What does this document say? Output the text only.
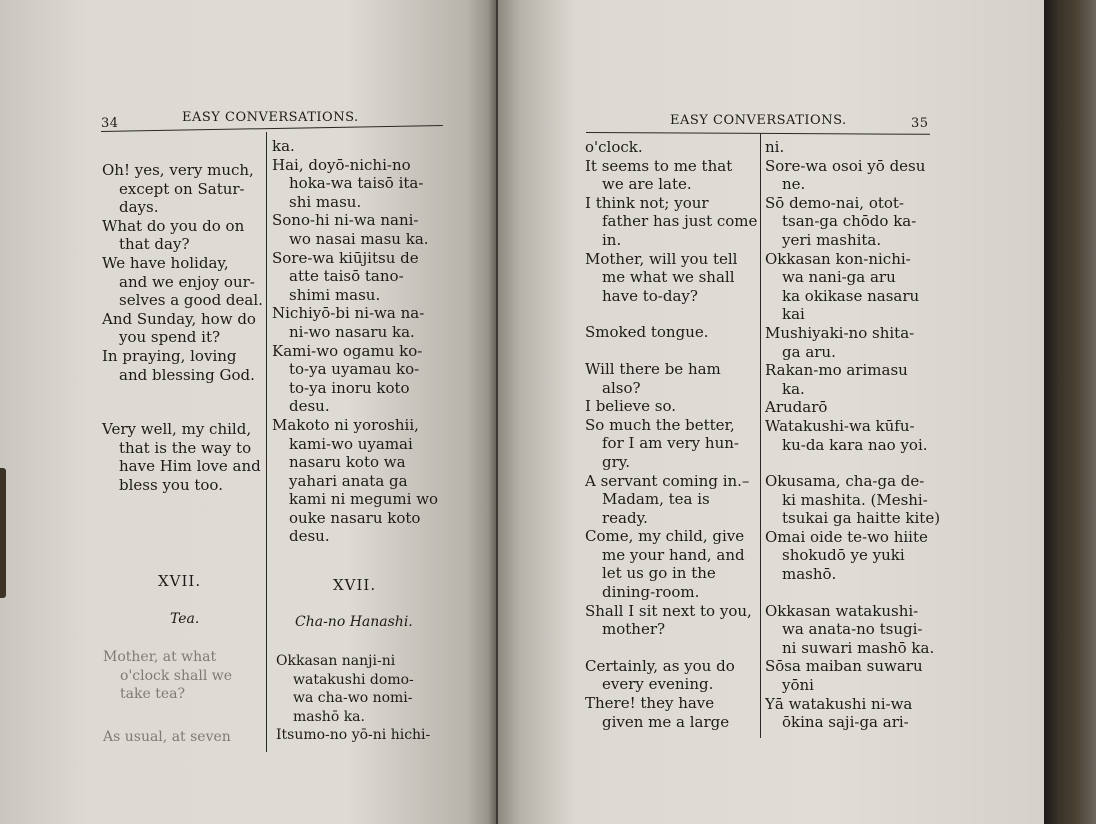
34	EASY CONVERSATIONS.
Oh! yes, very much,
except on Satur-
days.
What do you do on
that day?
We have holiday,
and we enjoy our-
selves a good deal.
And Sunday, how do
you spend it?
In praying, loving
and blessing God.
Very well, my child,
that is the way to
have Him love and
bless you too.
ka.
Hai, doyō-nichi-no
hoka-wa taisō ita-
shi masu.
Sono-hi ni-wa nani-
wo nasai masu ka.
Sore-wa kiūjitsu de
atte taisō tano-
shimi masu.
Nichiyō-bi ni-wa na-
ni-wo nasaru ka.
Kami-wo ogamu ko-
to-ya uyamau ko-
to-ya inoru koto
desu.
Makoto ni yoroshii,
kami-wo uyamai
nasaru koto wa
yahari anata ga
kami ni megumi wo
ouke nasaru koto
desu.
XVII.	XVII.
Tea.	Cha-no Hanashi.
Mother, at what
o'clock shall we
take tea?
As usual, at seven
Okkasan nanji-ni
watakushi domo-
wa cha-wo nomi-
mashō ka.
Itsumo-no yō-ni hichi-
EASY CONVERSATIONS.	35
o'clock.
It seems to me that
we are late.
I think not; your
father has just come
in.
Mother, will you tell
me what we shall
have to-day?
Smoked tongue.
Will there be ham
also?
I believe so.
So much the better,
for I am very hun-
gry.
A servant coming in.–
Madam, tea is
ready.
Come, my child, give
me your hand, and
let us go in the
dining-room.
Shall I sit next to you,
mother?
Certainly, as you do
every evening.
There! they have
given me a large
ni.
Sore-wa osoi yō desu
ne.
Sō demo-nai, otot-
tsan-ga chōdo ka-
yeri mashita.
Okkasan kon-nichi-
wa nani-ga aru
ka okikase nasaru
kai
Mushiyaki-no shita-
ga aru.
Rakan-mo arimasu
ka.
Arudarō
Watakushi-wa kūfu-
ku-da kara nao yoi.
Okusama, cha-ga de-
ki mashita. (Meshi-
tsukai ga haitte kite)
Omai oide te-wo hiite
shokudō ye yuki
mashō.
Okkasan watakushi-
wa anata-no tsugi-
ni suwari mashō ka.
Sōsa maiban suwaru
yōni
Yā watakushi ni-wa
ōkina saji-ga ari-
